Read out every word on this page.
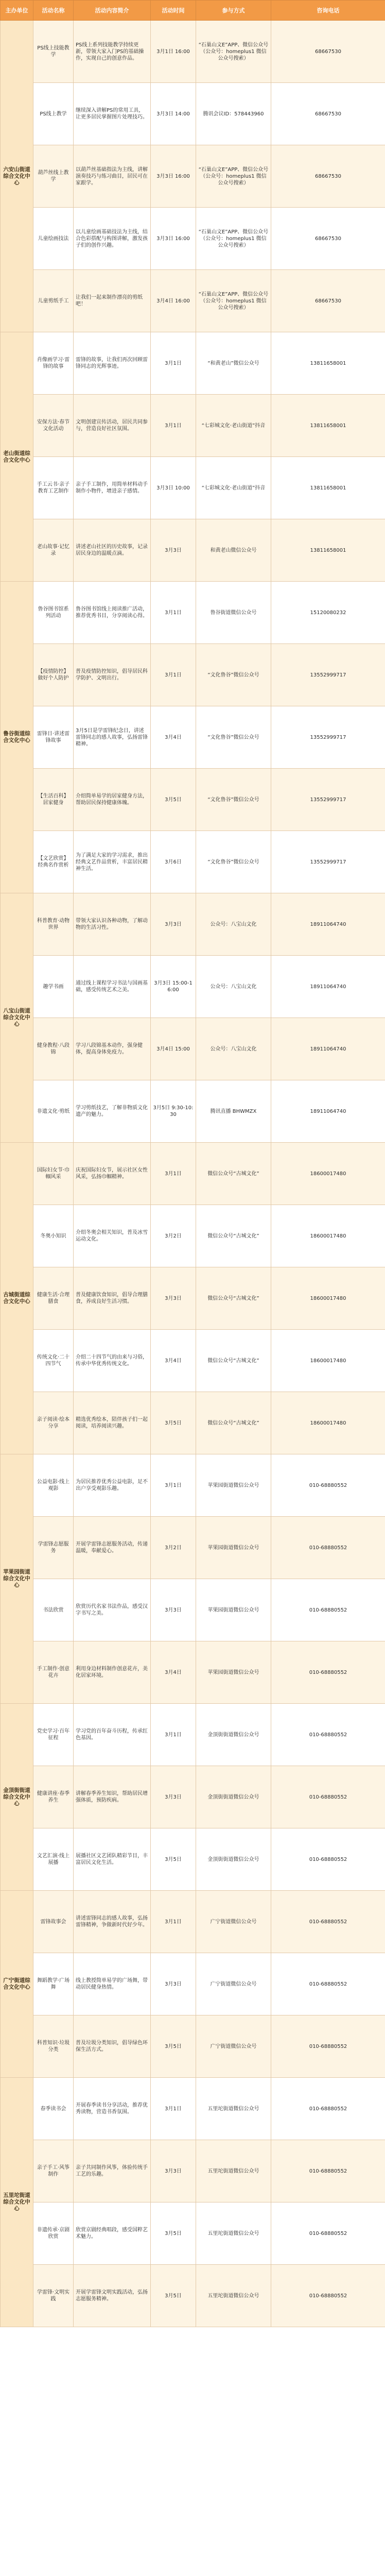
主办单位	活动名称	活动内容简介	活动时间	参与方式	咨询电话
六安山街道综合文化中心	PS线上技能教学	PS线上系列技能教学持续更新，带领大家入门PS的基础操作，实现自己的创意作品。	3月1日 16:00	“石巢山文E”APP、微信公众号（公众号：homeplus1 微信公众号搜索）	68667530
	PS线上教学	继续深入讲解PS的常用工具，让更多居民掌握图片处理技巧。	3月3日 14:00	腾讯会议ID：578443960	68667530
	葫芦丝线上教学	以葫芦丝基础指法为主线，讲解演奏技巧与练习曲目，居民可在家跟学。	3月3日 16:00	“石巢山文E”APP、微信公众号（公众号：homeplus1 微信公众号搜索）	68667530
	儿童绘画技法	以儿童绘画基础技法为主线，结合色彩搭配与构图讲解，激发孩子们的创作兴趣。	3月3日 16:00	“石巢山文E”APP、微信公众号（公众号：homeplus1 微信公众号搜索）	68667530
	儿童剪纸手工	让我们一起来制作漂亮的剪纸吧！	3月4日 16:00	“石巢山文E”APP、微信公众号（公众号：homeplus1 微信公众号搜索）	68667530
老山街道综合文化中心	肖像画学习·雷锋的故事	雷锋的故事，让我们再次回顾雷锋同志的光辉事迹。	3月1日	“和黄老山”微信公众号	13811658001
	安保方法·春节文化活动	文明创建宣传活动，居民共同参与，营造良好社区氛围。	3月1日	“七彩城文化·老山街道”抖音	13811658001
	手工云书·亲子教育工艺制作	亲子手工制作，用简单材料动手制作小物件，增进亲子感情。	3月3日 10:00	“七彩城文化·老山街道”抖音	13811658001
	老山故事·记忆录	讲述老山社区的历史故事，记录居民身边的温暖点滴。	3月3日	和黄老山微信公众号	13811658001
鲁谷街道综合文化中心	鲁谷图书馆系列活动	鲁谷图书馆线上阅读推广活动，推荐优秀书目，分享阅读心得。	3月1日	鲁谷街道微信公众号	15120080232
	【疫情防控】做好个人防护	普及疫情防控知识，倡导居民科学防护、文明出行。	3月1日	“文化鲁谷”微信公众号	13552999717
	雷锋日·讲述雷锋故事	3月5日是学雷锋纪念日，讲述雷锋同志的感人故事，弘扬雷锋精神。	3月4日	“文化鲁谷”微信公众号	13552999717
	【生活百科】居家健身	介绍简单易学的居家健身方法，帮助居民保持健康体魄。	3月5日	“文化鲁谷”微信公众号	13552999717
	【文艺欣赏】经典名作赏析	为了满足大家的学习需求，推出经典文艺作品赏析，丰富居民精神生活。	3月6日	“文化鲁谷”微信公众号	13552999717
八宝山街道综合文化中心	科普教育·动物世界	带领大家认识各种动物，了解动物的生活习性。	3月3日	公众号：八宝山文化	18911064740
	趣学书画	通过线上课程学习书法与国画基础，感受传统艺术之美。	3月3日 15:00-16:00	公众号：八宝山文化	18911064740
	健身教程·八段锦	学习八段锦基本动作，强身健体，提高身体免疫力。	3月4日 15:00	公众号：八宝山文化	18911064740
	非遗文化·剪纸	学习剪纸技艺，了解非物质文化遗产的魅力。	3月5日 9:30-10:30	腾讯直播 BHWMZX	18911064740
古城街道综合文化中心	国际妇女节·巾帼风采	庆祝国际妇女节，展示社区女性风采，弘扬巾帼精神。	3月1日	微信公众号“古城文化”	18600017480
	冬奥小知识	介绍冬奥会相关知识，普及冰雪运动文化。	3月2日	微信公众号“古城文化”	18600017480
	健康生活·合理膳食	普及健康饮食知识，倡导合理膳食，养成良好生活习惯。	3月3日	微信公众号“古城文化”	18600017480
	传统文化·二十四节气	介绍二十四节气的由来与习俗，传承中华优秀传统文化。	3月4日	微信公众号“古城文化”	18600017480
	亲子阅读·绘本分享	精选优秀绘本，陪伴孩子们一起阅读，培养阅读兴趣。	3月5日	微信公众号“古城文化”	18600017480
苹果园街道综合文化中心	公益电影·线上观影	为居民推荐优秀公益电影，足不出户享受观影乐趣。	3月1日	苹果园街道微信公众号	010-68880552
	学雷锋志愿服务	开展学雷锋志愿服务活动，传递温暖，奉献爱心。	3月2日	苹果园街道微信公众号	010-68880552
	书法欣赏	欣赏历代名家书法作品，感受汉字书写之美。	3月3日	苹果园街道微信公众号	010-68880552
	手工制作·创意花卉	利用身边材料制作创意花卉，美化居家环境。	3月4日	苹果园街道微信公众号	010-68880552
金顶街街道综合文化中心	党史学习·百年征程	学习党的百年奋斗历程，传承红色基因。	3月1日	金顶街街道微信公众号	010-68880552
	健康讲座·春季养生	讲解春季养生知识，帮助居民增强体质，预防疾病。	3月3日	金顶街街道微信公众号	010-68880552
	文艺汇演·线上展播	展播社区文艺团队精彩节目，丰富居民文化生活。	3月5日	金顶街街道微信公众号	010-68880552
广宁街道综合文化中心	雷锋故事会	讲述雷锋同志的感人故事，弘扬雷锋精神，争做新时代好少年。	3月1日	广宁街道微信公众号	010-68880552
	舞蹈教学·广场舞	线上教授简单易学的广场舞，带动居民健身热情。	3月3日	广宁街道微信公众号	010-68880552
	科普知识·垃圾分类	普及垃圾分类知识，倡导绿色环保生活方式。	3月5日	广宁街道微信公众号	010-68880552
五里坨街道综合文化中心	春季读书会	开展春季读书分享活动，推荐优秀读物，营造书香氛围。	3月1日	五里坨街道微信公众号	010-68880552
	亲子手工·风筝制作	亲子共同制作风筝，体验传统手工艺的乐趣。	3月3日	五里坨街道微信公众号	010-68880552
	非遗传承·京剧欣赏	欣赏京剧经典唱段，感受国粹艺术魅力。	3月5日	五里坨街道微信公众号	010-68880552
	学雷锋·文明实践	开展学雷锋文明实践活动，弘扬志愿服务精神。	3月5日	五里坨街道微信公众号	010-68880552
